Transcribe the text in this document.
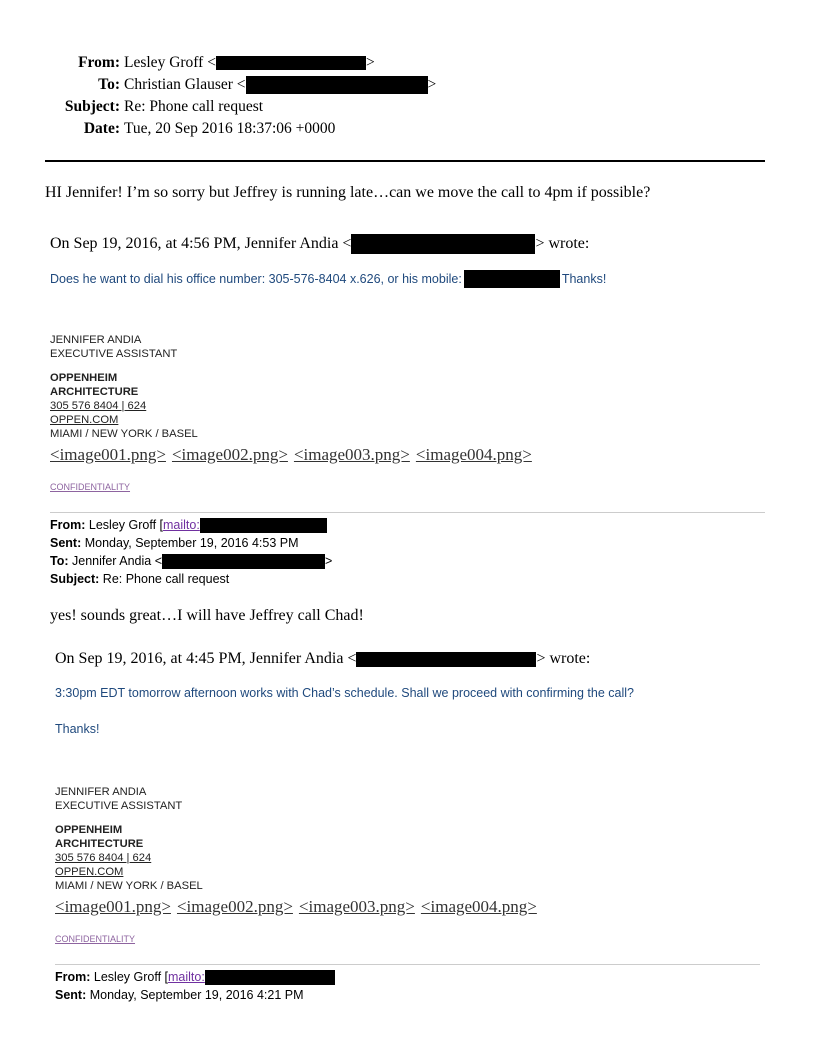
From: Lesley Groff <	>
To: Christian Glauser <	>
Subject: Re: Phone call request
Date: Tue, 20 Sep 2016 18:37:06 +0000
HI Jennifer! I’m so sorry but Jeffrey is running late…can we move the call to 4pm if possible?
On Sep 19, 2016, at 4:56 PM, Jennifer Andia <	> wrote:
Does he want to dial his office number: 305-576-8404 x.626, or his mobile:	Thanks!
JENNIFER ANDIA
EXECUTIVE ASSISTANT
OPPENHEIM
ARCHITECTURE
305 576 8404 | 624
OPPEN.COM
MIAMI / NEW YORK / BASEL
<image001.png> <image002.png> <image003.png> <image004.png>
CONFIDENTIALITY
From:
Lesley Groff [ mailto:
Sent: Monday, September 19, 2016 4:53 PM
To:
Jennifer Andia <	>
Subject: Re: Phone call request
yes! sounds great…I will have Jeffrey call Chad!
On Sep 19, 2016, at 4:45 PM, Jennifer Andia <	> wrote:
3:30pm EDT tomorrow afternoon works with Chad’s schedule. Shall we proceed with confirming the call?
Thanks!
JENNIFER ANDIA
EXECUTIVE ASSISTANT
OPPENHEIM
ARCHITECTURE
305 576 8404 | 624
OPPEN.COM
MIAMI / NEW YORK / BASEL
<image001.png> <image002.png> <image003.png> <image004.png>
CONFIDENTIALITY
From:
Lesley Groff [ mailto:
Sent: Monday, September 19, 2016 4:21 PM
